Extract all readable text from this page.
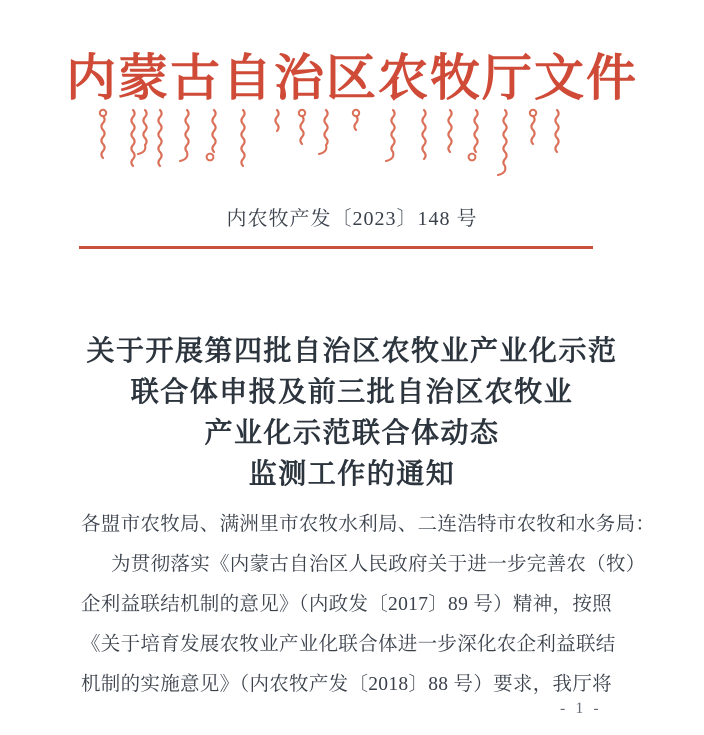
内蒙古自治区农牧厅文件
内农牧产发〔2023〕148 号
关于开展第四批自治区农牧业产业化示范
联合体申报及前三批自治区农牧业
产业化示范联合体动态
监测工作的通知
各盟市农牧局、满洲里市农牧水利局、二连浩特市农牧和水务局：
为贯彻落实《内蒙古自治区人民政府关于进一步完善农（牧）
企利益联结机制的意见》（内政发〔2017〕89 号）精神，按照
《关于培育发展农牧业产业化联合体进一步深化农企利益联结
机制的实施意见》（内农牧产发〔2018〕88 号）要求，我厅将
- 1 -
